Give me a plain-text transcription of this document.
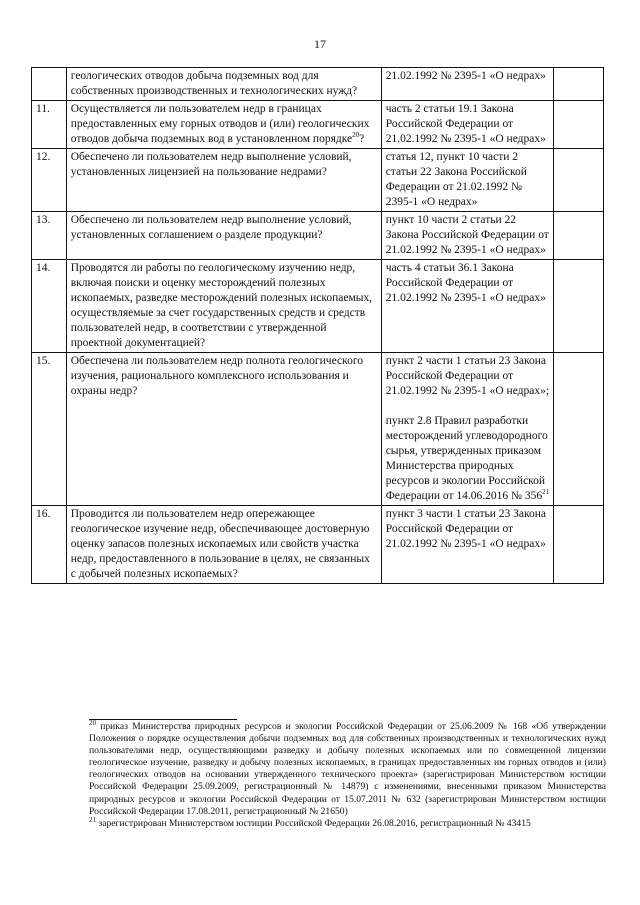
17
	геологических отводов добыча подземных вод для собственных производственных и технологических нужд?	21.02.1992 № 2395-1 «О недрах»	

11.	Осуществляется ли пользователем недр в границах предоставленных ему горных отводов и (или) геологических отводов добыча подземных вод в установленном порядке$^{20}$?	часть 2 статьи 19.1 Закона Российской Федерации от 21.02.1992 № 2395-1 «О недрах»	

12.	Обеспечено ли пользователем недр выполнение условий, установленных лицензией на пользование недрами?	статья 12, пункт 10 части 2 статьи 22 Закона Российской Федерации от 21.02.1992 № 2395-1 «О недрах»	

13.	Обеспечено ли пользователем недр выполнение условий, установленных соглашением о разделе продукции?	пункт 10 части 2 статьи 22 Закона Российской Федерации от 21.02.1992 № 2395-1 «О недрах»	

14.	Проводятся ли работы по геологическому изучению недр, включая поиски и оценку месторождений полезных ископаемых, разведке месторождений полезных ископаемых, осуществляемые за счет государственных средств и средств пользователей недр, в соответствии с утвержденной проектной документацией?	часть 4 статьи 36.1 Закона Российской Федерации от 21.02.1992 № 2395-1 «О недрах»	

15.	Обеспечена ли пользователем недр полнота геологического изучения, рационального комплексного использования и охраны недр?	пункт 2 части 1 статьи 23 Закона Российской Федерации от 21.02.1992 № 2395-1 «О недрах»;
пункт 2.8 Правил разработки месторождений углеводородного сырья, утвержденных приказом Министерства природных ресурсов и экологии Российской Федерации от 14.06.2016 № $356^{21}$

16.	Проводится ли пользователем недр опережающее геологическое изучение недр, обеспечивающее достоверную оценку запасов полезных ископаемых или свойств участка недр, предоставленного в пользование в целях, не связанных с добычей полезных ископаемых?	пункт 3 части 1 статьи 23 Закона Российской Федерации от 21.02.1992 № 2395-1 «О недрах»	

$^{20}$ приказ Министерства природных ресурсов и экологии Российской Федерации от 25.06.2009 № 168 «Об утверждении Положения о порядке осуществления добычи подземных вод для собственных производственных и технологических нужд пользователями недр, осуществляющими разведку и добычу полезных ископаемых или по совмещенной лицензии геологическое изучение, разведку и добычу полезных ископаемых, в границах предоставленных им горных отводов и (или) геологических отводов на основании утвержденного технического проекта» (зарегистрирован Министерством юстиции Российской Федерации 25.09.2009, регистрационный № 14879) с изменениями, внесенными приказом Министерства природных ресурсов и экологии Российской Федерации от 15.07.2011 № 632 (зарегистрирован Министерством юстиции Российской Федерации 17.08.2011, регистрационный № 21650)

$^{21}$ зарегистрирован Министерством юстиции Российской Федерации 26.08.2016, регистрационный № 43415
